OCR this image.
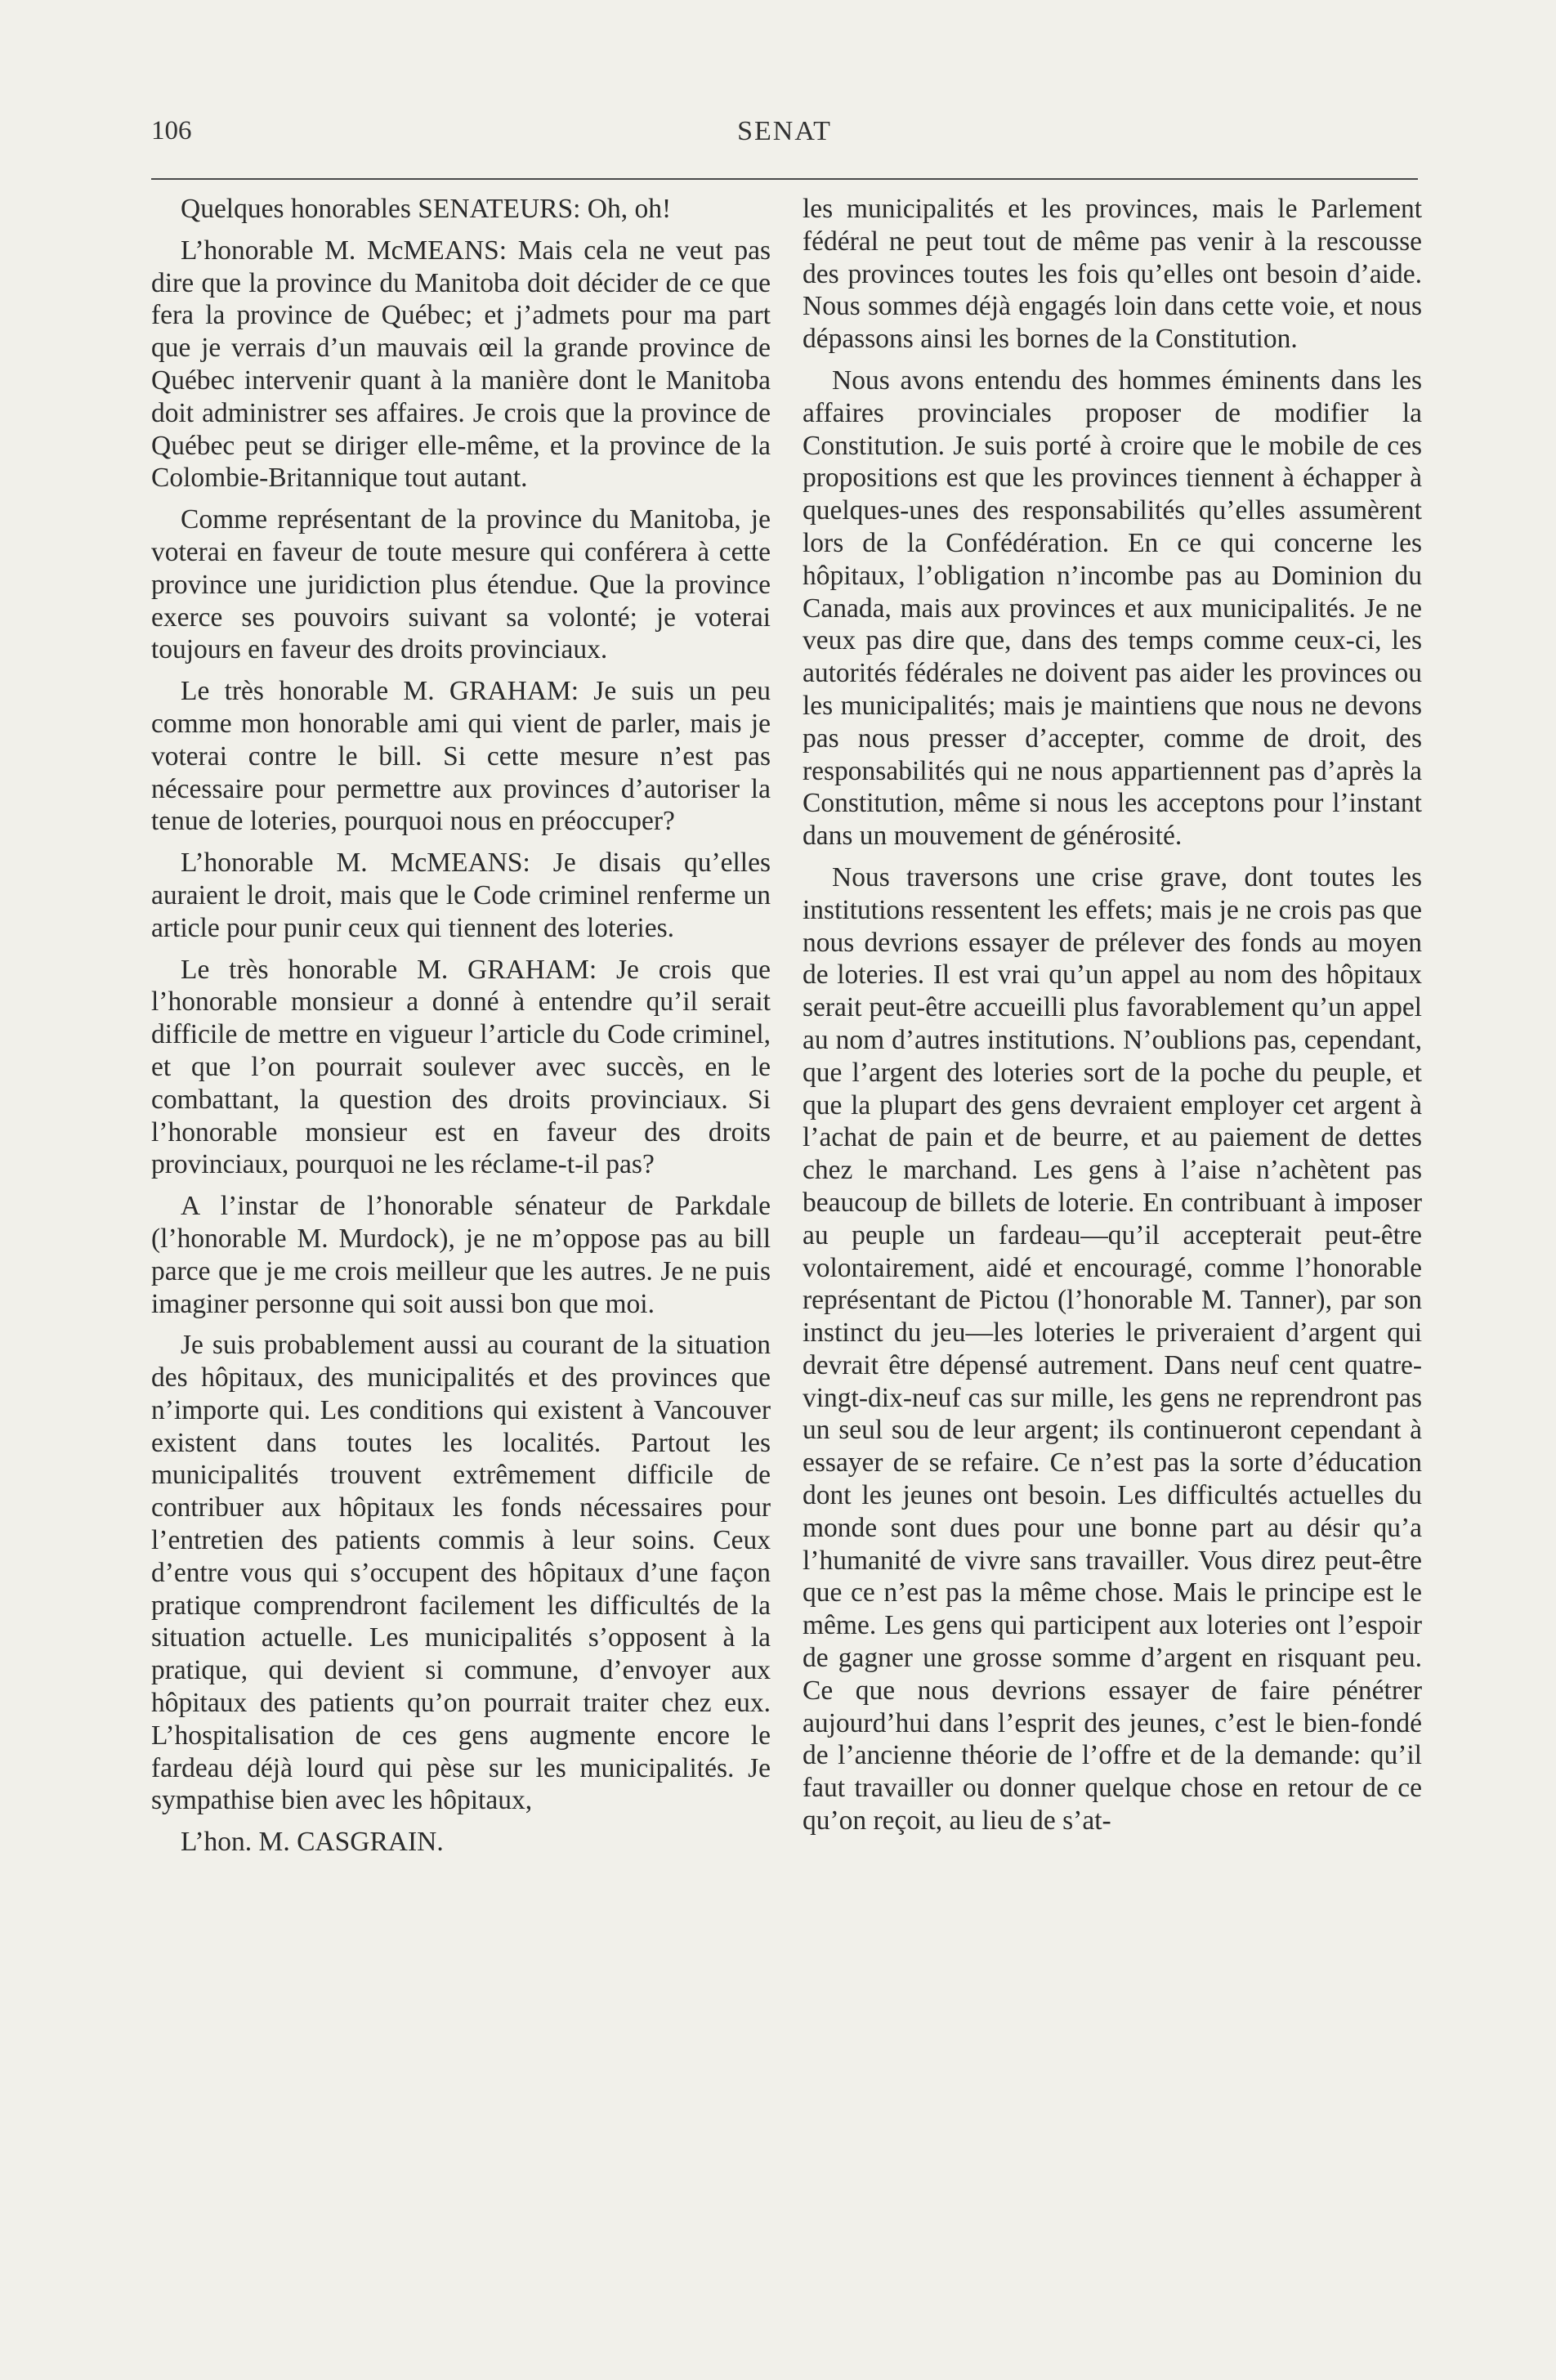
106	SENAT

Quelques honorables SENATEURS: Oh, oh!

L’honorable M. McMEANS: Mais cela ne veut pas dire que la province du Manitoba doit décider de ce que fera la province de Québec; et j’admets pour ma part que je verrais d’un mauvais œil la grande province de Québec intervenir quant à la manière dont le Manitoba doit administrer ses affaires. Je crois que la province de Québec peut se diriger elle-même, et la province de la Colombie-Britannique tout autant.

Comme représentant de la province du Manitoba, je voterai en faveur de toute mesure qui conférera à cette province une juridiction plus étendue. Que la province exerce ses pouvoirs suivant sa volonté; je voterai toujours en faveur des droits provinciaux.

Le très honorable M. GRAHAM: Je suis un peu comme mon honorable ami qui vient de parler, mais je voterai contre le bill. Si cette mesure n’est pas nécessaire pour permettre aux provinces d’autoriser la tenue de loteries, pourquoi nous en préoccuper?

L’honorable M. McMEANS: Je disais qu’elles auraient le droit, mais que le Code criminel renferme un article pour punir ceux qui tiennent des loteries.

Le très honorable M. GRAHAM: Je crois que l’honorable monsieur a donné à entendre qu’il serait difficile de mettre en vigueur l’article du Code criminel, et que l’on pourrait soulever avec succès, en le combattant, la question des droits provinciaux. Si l’honorable monsieur est en faveur des droits provinciaux, pourquoi ne les réclame-t-il pas?

A l’instar de l’honorable sénateur de Parkdale (l’honorable M. Murdock), je ne m’oppose pas au bill parce que je me crois meilleur que les autres. Je ne puis imaginer personne qui soit aussi bon que moi.

Je suis probablement aussi au courant de la situation des hôpitaux, des municipalités et des provinces que n’importe qui. Les conditions qui existent à Vancouver existent dans toutes les localités. Partout les municipalités trouvent extrêmement difficile de contribuer aux hôpitaux les fonds nécessaires pour l’entretien des patients commis à leur soins. Ceux d’entre vous qui s’occupent des hôpitaux d’une façon pratique comprendront facilement les difficultés de la situation actuelle. Les municipalités s’opposent à la pratique, qui devient si commune, d’envoyer aux hôpitaux des patients qu’on pourrait traiter chez eux. L’hospitalisation de ces gens augmente encore le fardeau déjà lourd qui pèse sur les municipalités. Je sympathise bien avec les hôpitaux,

L’hon. M. CASGRAIN.

les municipalités et les provinces, mais le Parlement fédéral ne peut tout de même pas venir à la rescousse des provinces toutes les fois qu’elles ont besoin d’aide. Nous sommes déjà engagés loin dans cette voie, et nous dépassons ainsi les bornes de la Constitution.

Nous avons entendu des hommes éminents dans les affaires provinciales proposer de modifier la Constitution. Je suis porté à croire que le mobile de ces propositions est que les provinces tiennent à échapper à quelques-unes des responsabilités qu’elles assumèrent lors de la Confédération. En ce qui concerne les hôpitaux, l’obligation n’incombe pas au Dominion du Canada, mais aux provinces et aux municipalités. Je ne veux pas dire que, dans des temps comme ceux-ci, les autorités fédérales ne doivent pas aider les provinces ou les municipalités; mais je maintiens que nous ne devons pas nous presser d’accepter, comme de droit, des responsabilités qui ne nous appartiennent pas d’après la Constitution, même si nous les acceptons pour l’instant dans un mouvement de générosité.

Nous traversons une crise grave, dont toutes les institutions ressentent les effets; mais je ne crois pas que nous devrions essayer de prélever des fonds au moyen de loteries. Il est vrai qu’un appel au nom des hôpitaux serait peut-être accueilli plus favorablement qu’un appel au nom d’autres institutions. N’oublions pas, cependant, que l’argent des loteries sort de la poche du peuple, et que la plupart des gens devraient employer cet argent à l’achat de pain et de beurre, et au paiement de dettes chez le marchand. Les gens à l’aise n’achètent pas beaucoup de billets de loterie. En contribuant à imposer au peuple un fardeau—qu’il accepterait peut-être volontairement, aidé et encouragé, comme l’honorable représentant de Pictou (l’honorable M. Tanner), par son instinct du jeu—les loteries le priveraient d’argent qui devrait être dépensé autrement. Dans neuf cent quatre-vingt-dix-neuf cas sur mille, les gens ne reprendront pas un seul sou de leur argent; ils continueront cependant à essayer de se refaire. Ce n’est pas la sorte d’éducation dont les jeunes ont besoin. Les difficultés actuelles du monde sont dues pour une bonne part au désir qu’a l’humanité de vivre sans travailler. Vous direz peut-être que ce n’est pas la même chose. Mais le principe est le même. Les gens qui participent aux loteries ont l’espoir de gagner une grosse somme d’argent en risquant peu. Ce que nous devrions essayer de faire pénétrer aujourd’hui dans l’esprit des jeunes, c’est le bien-fondé de l’ancienne théorie de l’offre et de la demande: qu’il faut travailler ou donner quelque chose en retour de ce qu’on reçoit, au lieu de s’at-
